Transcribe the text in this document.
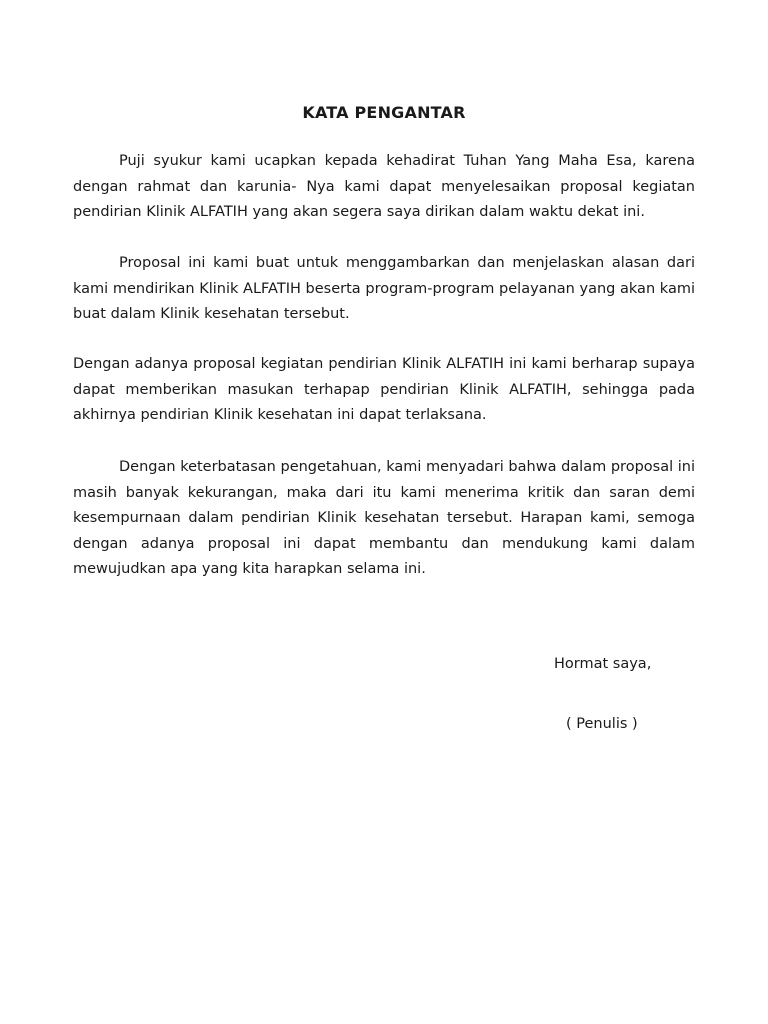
KATA PENGANTAR

Puji syukur kami ucapkan kepada kehadirat Tuhan Yang Maha Esa, karena dengan rahmat dan karunia- Nya kami dapat menyelesaikan proposal kegiatan pendirian Klinik ALFATIH yang akan segera saya dirikan dalam waktu dekat ini.

Proposal ini kami buat untuk menggambarkan dan menjelaskan alasan dari kami mendirikan Klinik ALFATIH beserta program-program pelayanan yang akan kami buat dalam Klinik kesehatan tersebut.

Dengan adanya proposal kegiatan pendirian Klinik ALFATIH ini kami berharap supaya dapat memberikan masukan terhapap pendirian Klinik ALFATIH, sehingga pada akhirnya pendirian Klinik kesehatan ini dapat terlaksana.

Dengan keterbatasan pengetahuan, kami menyadari bahwa dalam proposal ini masih banyak kekurangan, maka dari itu kami menerima kritik dan saran demi kesempurnaan dalam pendirian Klinik kesehatan tersebut. Harapan kami, semoga dengan adanya proposal ini dapat membantu dan mendukung kami dalam mewujudkan apa yang kita harapkan selama ini.

Hormat saya,
( Penulis )
